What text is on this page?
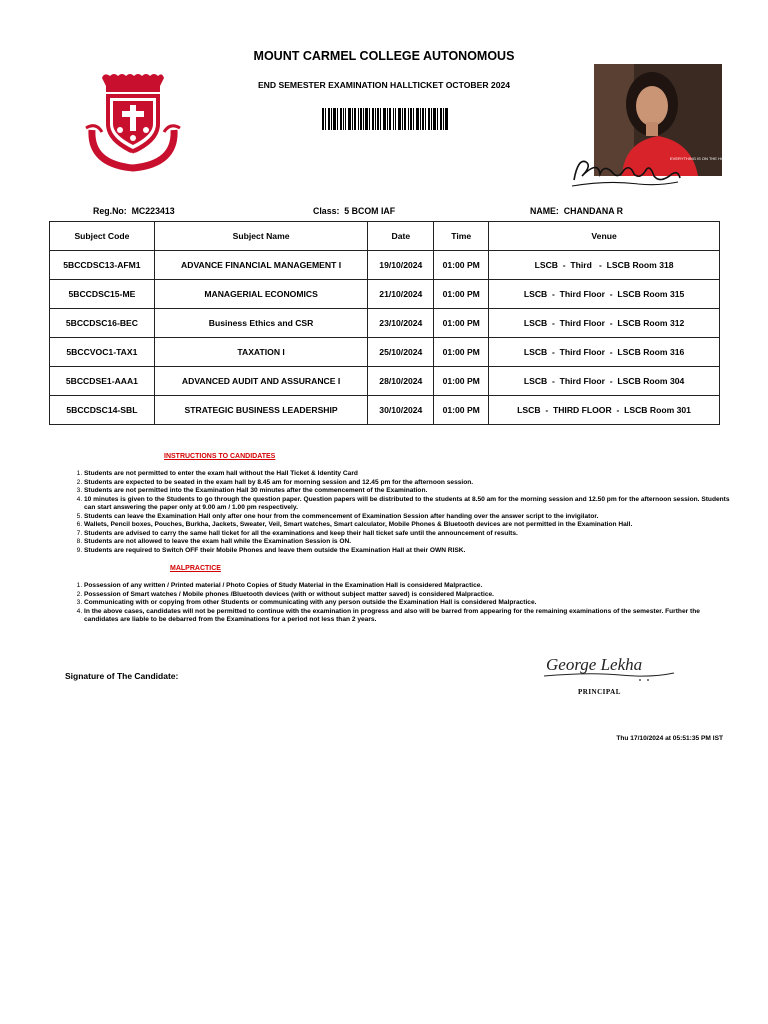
MOUNT CARMEL COLLEGE AUTONOMOUS
END SEMESTER EXAMINATION HALLTICKET OCTOBER 2024
AD ASTRA PER ASPERA
EVERYTHING IS ON THE HORIZON
Reg.No: MC223413	Class: 5 BCOM IAF	NAME: CHANDANA R
Subject Code	Subject Name	Date	Time	Venue
5BCCDSC13-AFM1	ADVANCE FINANCIAL MANAGEMENT I	19/10/2024	01:00 PM	LSCB  -  Third   -  LSCB Room 318
5BCCDSC15-ME	MANAGERIAL ECONOMICS	21/10/2024	01:00 PM	LSCB  -  Third Floor  -  LSCB Room 315
5BCCDSC16-BEC	Business Ethics and CSR	23/10/2024	01:00 PM	LSCB  -  Third Floor  -  LSCB Room 312
5BCCVOC1-TAX1	TAXATION I	25/10/2024	01:00 PM	LSCB  -  Third Floor  -  LSCB Room 316
5BCCDSE1-AAA1	ADVANCED AUDIT AND ASSURANCE I	28/10/2024	01:00 PM	LSCB  -  Third Floor  -  LSCB Room 304
5BCCDSC14-SBL	STRATEGIC BUSINESS LEADERSHIP	30/10/2024	01:00 PM	LSCB  -  THIRD FLOOR  -  LSCB Room 301
INSTRUCTIONS TO CANDIDATES
1. Students are not permitted to enter the exam hall without the Hall Ticket & Identity Card
2. Students are expected to be seated in the exam hall by 8.45 am for morning session and 12.45 pm for the afternoon session.
3. Students are not permitted into the Examination Hall 30 minutes after the commencement of the Examination.
4. 10 minutes is given to the Students to go through the question paper. Question papers will be distributed to the students at 8.50 am for the morning session and 12.50 pm for the afternoon session. Students can start answering the paper only at 9.00 am / 1.00 pm respectively.
5. Students can leave the Examination Hall only after one hour from the commencement of Examination Session after handing over the answer script to the invigilator.
6. Wallets, Pencil boxes, Pouches, Burkha, Jackets, Sweater, Veil, Smart watches, Smart calculator, Mobile Phones & Bluetooth devices are not permitted in the Examination Hall.
7. Students are advised to carry the same hall ticket for all the examinations and keep their hall ticket safe until the announcement of results.
8. Students are not allowed to leave the exam hall while the Examination Session is ON.
9. Students are required to Switch OFF their Mobile Phones and leave them outside the Examination Hall at their OWN RISK.
MALPRACTICE
1. Possession of any written / Printed material / Photo Copies of Study Material in the Examination Hall is considered Malpractice.
2. Possession of Smart watches / Mobile phones /Bluetooth devices (with or without subject matter saved) is considered Malpractice.
3. Communicating with or copying from other Students or communicating with any person outside the Examination Hall is considered Malpractice.
4. In the above cases, candidates will not be permitted to continue with the examination in progress and also will be barred from appearing for the remaining examinations of the semester. Further the candidates are liable to be debarred from the Examinations for a period not less than 2 years.
Signature of The Candidate:
George Lekha
PRINCIPAL
Thu 17/10/2024 at 05:51:35 PM IST
